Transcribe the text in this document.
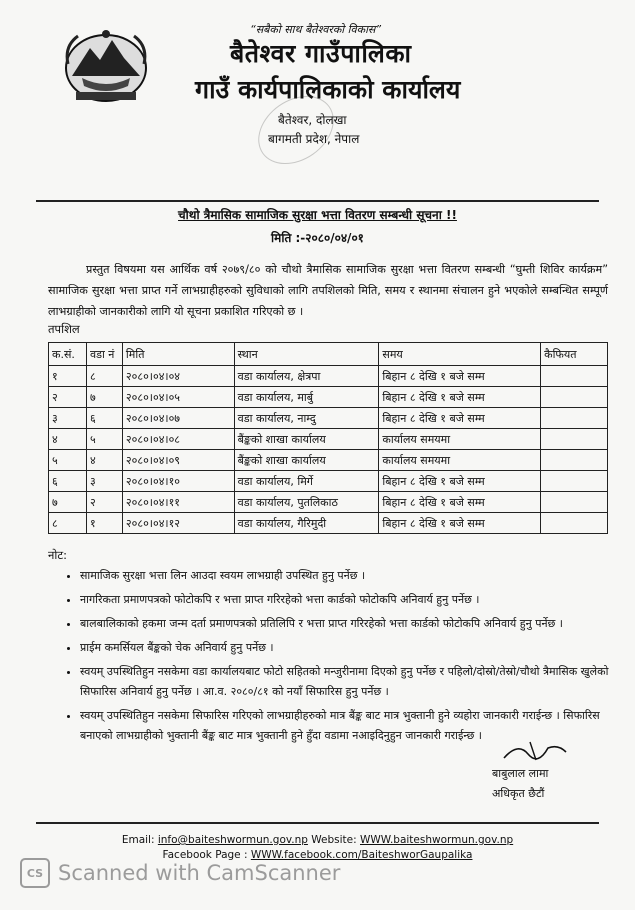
“सबैको साथ बैतेश्वरको विकास”
बैतेश्वर गाउँपालिका
गाउँ कार्यपालिकाको कार्यालय
बैतेश्वर, दोलखा
बागमती प्रदेश, नेपाल
चौथो त्रैमासिक सामाजिक सुरक्षा भत्ता वितरण सम्बन्धी सूचना !!
मिति :-२०८०/०४/०१
प्रस्तुत विषयमा यस आर्थिक वर्ष २०७९/८० को चौथो त्रैमासिक सामाजिक सुरक्षा भत्ता वितरण सम्बन्धी “घुम्ती शिविर कार्यक्रम” सामाजिक सुरक्षा भत्ता प्राप्त गर्ने लाभग्राहीहरुको सुविधाको लागि तपशिलको मिति, समय र स्थानमा संचालन हुने भएकोले सम्बन्धित सम्पूर्ण लाभग्राहीको जानकारीको लागि यो सूचना प्रकाशित गरिएको छ ।
तपशिल
क.सं.	वडा नं	मिति	स्थान	समय	कैफियत
१	८	२०८०।०४।०४	वडा कार्यालय, क्षेत्रपा	बिहान ८ देखि १ बजे सम्म	
२	७	२०८०।०४।०५	वडा कार्यालय, मार्बु	बिहान ८ देखि १ बजे सम्म	
३	६	२०८०।०४।०७	वडा कार्यालय, नाम्दु	बिहान ८ देखि १ बजे सम्म	
४	५	२०८०।०४।०८	बैंङ्कको शाखा कार्यालय	कार्यालय समयमा	
५	४	२०८०।०४।०९	बैंङ्कको शाखा कार्यालय	कार्यालय समयमा	
६	३	२०८०।०४।१०	वडा कार्यालय, मिर्गे	बिहान ८ देखि १ बजे सम्म	
७	२	२०८०।०४।११	वडा कार्यालय, पुतलिकाठ	बिहान ८ देखि १ बजे सम्म	
८	१	२०८०।०४।१२	वडा कार्यालय, गैरिमुदी	बिहान ८ देखि १ बजे सम्म	
नोट:
• सामाजिक सुरक्षा भत्ता लिन आउदा स्वयम लाभग्राही उपस्थित हुनु पर्नेछ ।
• नागरिकता प्रमाणपत्रको फोटोकपि र भत्ता प्राप्त गरिरहेको भत्ता कार्डको फोटोकपि अनिवार्य हुनु पर्नेछ ।
• बालबालिकाको हकमा जन्म दर्ता प्रमाणपत्रको प्रतिलिपि र भत्ता प्राप्त गरिरहेको भत्ता कार्डको फोटोकपि अनिवार्य हुनु पर्नेछ ।
• प्राईम कमर्सियल बैंङ्कको चेक अनिवार्य हुनु पर्नेछ ।
• स्वयम् उपस्थितिहुन नसकेमा वडा कार्यालयबाट फोटो सहितको मन्जुरीनामा दिएको हुनु पर्नेछ र पहिलो/दोस्रो/तेस्रो/चौथो त्रैमासिक खुलेको सिफारिस अनिवार्य हुनु पर्नेछ । आ.व. २०८०/८१ को नयाँ सिफारिस हुनु पर्नेछ ।
• स्वयम् उपस्थितिहुन नसकेमा सिफारिस गरिएको लाभग्राहीहरुको मात्र बैंङ्क बाट मात्र भुक्तानी हुने व्यहोरा जानकारी गराईन्छ । सिफारिस बनाएको लाभग्राहीको भुक्तानी बैंङ्क बाट मात्र भुक्तानी हुने हुँदा वडामा नआइदिनुहुन जानकारी गराईन्छ ।
बाबुलाल लामा
अधिकृत छैटौं
Email: info@baiteshwormun.gov.np Website: WWW.baiteshwormun.gov.np
Facebook Page : WWW.facebook.com/BaiteshworGaupalika
CS Scanned with CamScanner
